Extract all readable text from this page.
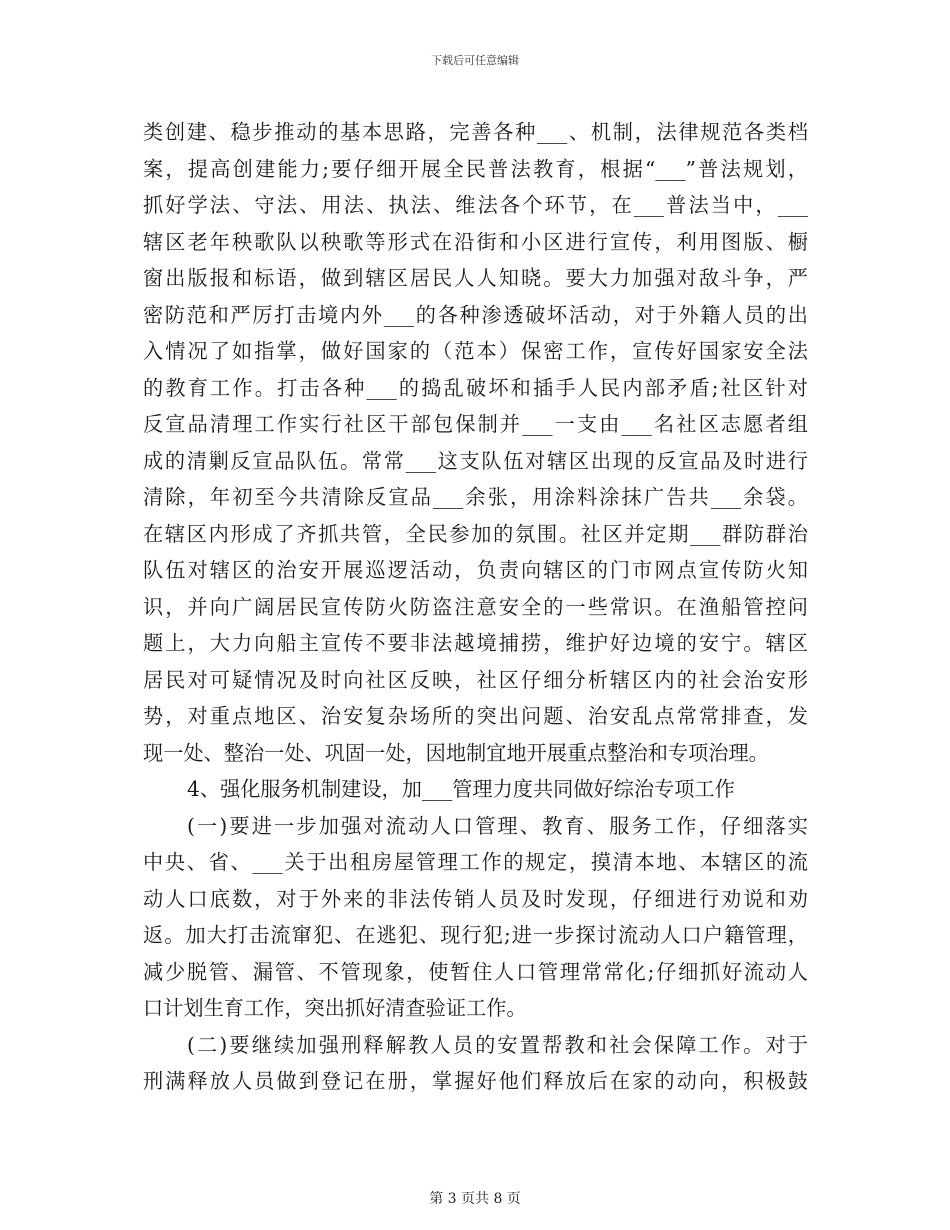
下载后可任意编辑
类创建、稳步推动的基本思路，完善各种___、机制，法律规范各类档
案，提高创建能力;要仔细开展全民普法教育，根据“___”普法规划，
抓好学法、守法、用法、执法、维法各个环节，在___普法当中，___
辖区老年秧歌队以秧歌等形式在沿街和小区进行宣传，利用图版、橱
窗出版报和标语，做到辖区居民人人知晓。要大力加强对敌斗争，严
密防范和严厉打击境内外___的各种渗透破坏活动，对于外籍人员的出
入情况了如指掌，做好国家的（范本）保密工作，宣传好国家安全法
的教育工作。打击各种___的捣乱破坏和插手人民内部矛盾;社区针对
反宣品清理工作实行社区干部包保制并___一支由___名社区志愿者组
成的清剿反宣品队伍。常常___这支队伍对辖区出现的反宣品及时进行
清除，年初至今共清除反宣品___余张，用涂料涂抹广告共___余袋。
在辖区内形成了齐抓共管，全民参加的氛围。社区并定期___群防群治
队伍对辖区的治安开展巡逻活动，负责向辖区的门市网点宣传防火知
识，并向广阔居民宣传防火防盗注意安全的一些常识。在渔船管控问
题上，大力向船主宣传不要非法越境捕捞，维护好边境的安宁。辖区
居民对可疑情况及时向社区反映，社区仔细分析辖区内的社会治安形
势，对重点地区、治安复杂场所的突出问题、治安乱点常常排查，发
现一处、整治一处、巩固一处，因地制宜地开展重点整治和专项治理。
4、强化服务机制建设，加___管理力度共同做好综治专项工作
(一)要进一步加强对流动人口管理、教育、服务工作，仔细落实
中央、省、___关于出租房屋管理工作的规定，摸清本地、本辖区的流
动人口底数，对于外来的非法传销人员及时发现，仔细进行劝说和劝
返。加大打击流窜犯、在逃犯、现行犯;进一步探讨流动人口户籍管理，
减少脱管、漏管、不管现象，使暂住人口管理常常化;仔细抓好流动人
口计划生育工作，突出抓好清查验证工作。
(二)要继续加强刑释解教人员的安置帮教和社会保障工作。对于
刑满释放人员做到登记在册，掌握好他们释放后在家的动向，积极鼓
第 3 页共 8 页
